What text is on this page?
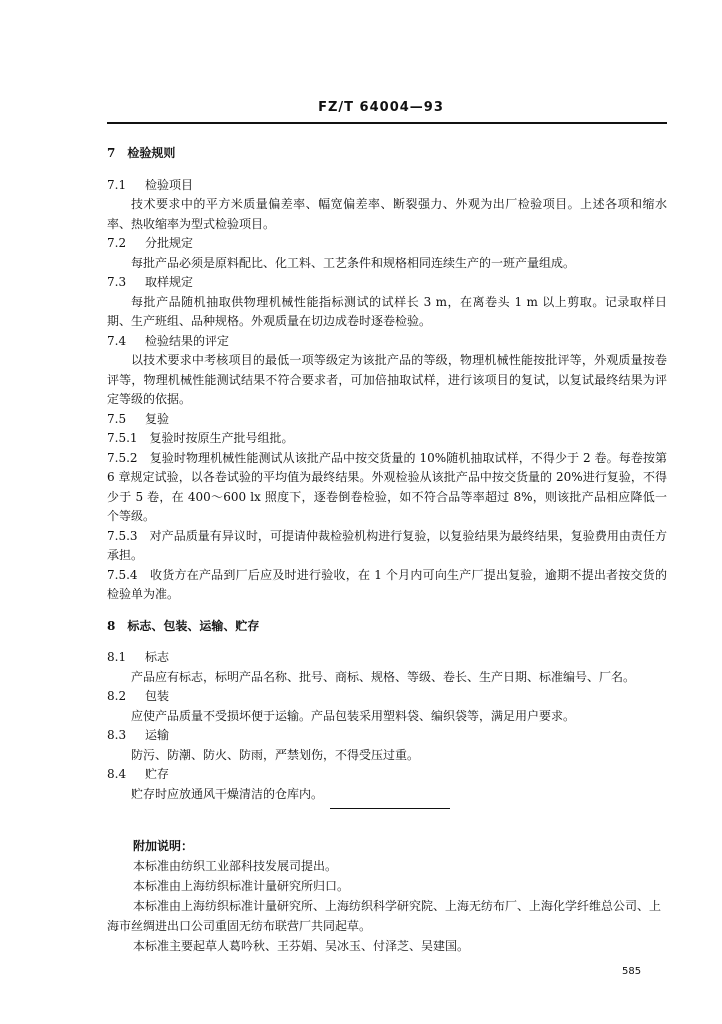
FZ/T 64004—93
7　检验规则
7.1	检验项目

技术要求中的平方米质量偏差率、幅宽偏差率、断裂强力、外观为出厂检验项目。上述各项和缩水率、热收缩率为型式检验项目。

7.2	分批规定

每批产品必须是原料配比、化工料、工艺条件和规格相同连续生产的一班产量组成。

7.3	取样规定

每批产品随机抽取供物理机械性能指标测试的试样长 3 m，在离卷头 1 m 以上剪取。记录取样日期、生产班组、品种规格。外观质量在切边成卷时逐卷检验。

7.4	检验结果的评定

以技术要求中考核项目的最低一项等级定为该批产品的等级，物理机械性能按批评等，外观质量按卷评等，物理机械性能测试结果不符合要求者，可加倍抽取试样，进行该项目的复试，以复试最终结果为评定等级的依据。

7.5	复验
7.5.1 复验时按原生产批号组批。

7.5.2　 复验时物理机械性能测试从该批产品中按交货量的 10%随机抽取试样，不得少于 2 卷。每卷按第 6 章规定试验，以各卷试验的平均值为最终结果。外观检验从该批产品中按交货量的 20%进行复验，不得少于 5 卷，在 400～600 lx 照度下，逐卷倒卷检验，如不符合品等率超过 8%，则该批产品相应降低一个等级。

7.5.3　 对产品质量有异议时，可提请仲裁检验机构进行复验，以复验结果为最终结果，复验费用由责任方承担。

7.5.4　 收货方在产品到厂后应及时进行验收，在 1 个月内可向生产厂提出复验，逾期不提出者按交货的检验单为准。

8　标志、包装、运输、贮存
8.1	标志

产品应有标志，标明产品名称、批号、商标、规格、等级、卷长、生产日期、标准编号、厂名。

8.2	包装

应使产品质量不受损坏便于运输。产品包装采用塑料袋、编织袋等，满足用户要求。

8.3	运输

防污、防潮、防火、防雨，严禁划伤，不得受压过重。

8.4	贮存

贮存时应放通风干燥清洁的仓库内。

附加说明：
本标准由纺织工业部科技发展司提出。
本标准由上海纺织标准计量研究所归口。
本标准由上海纺织标准计量研究所、上海纺织科学研究院、上海无纺布厂、上海化学纤维总公司、上海市丝绸进出口公司重固无纺布联营厂共同起草。
本标准主要起草人葛吟秋、王芬娟、吴冰玉、付泽芝、吴建国。
585
